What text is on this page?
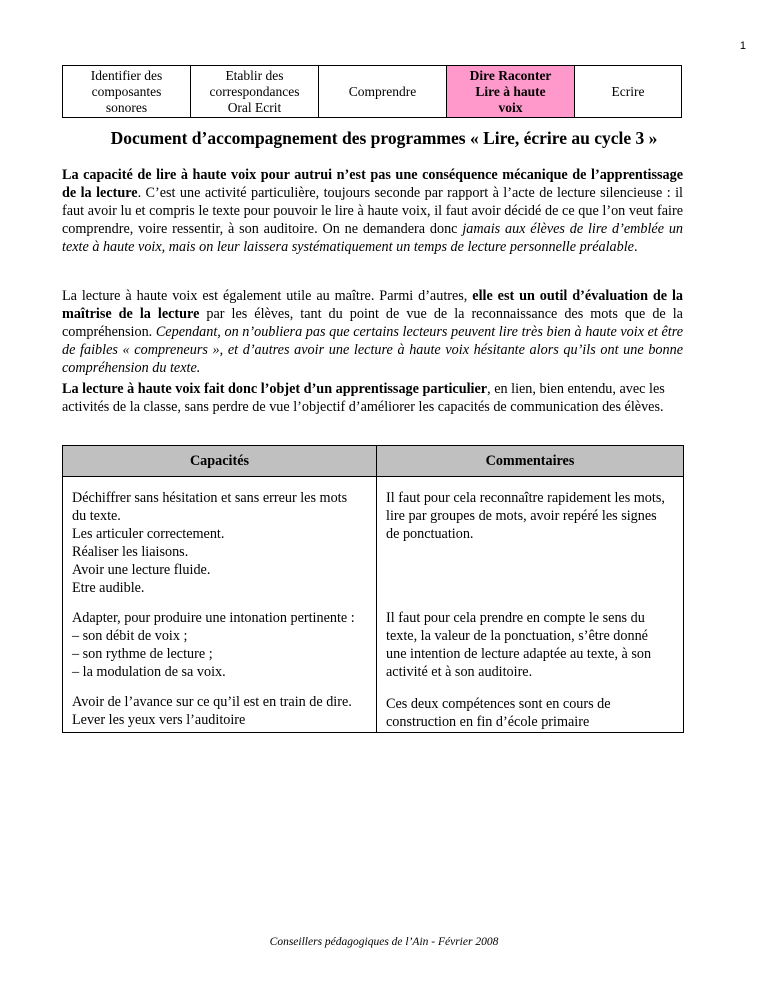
1
Identifier des
composantes
sonores	Etablir des
correspondances
Oral Ecrit	Comprendre	Dire Raconter
Lire à haute
voix	Ecrire
Document d’accompagnement des programmes « Lire, écrire au cycle 3 »

La capacité de lire à haute voix pour autrui n’est pas une conséquence mécanique de l’apprentissage de la lecture. C’est une activité particulière, toujours seconde par rapport à l’acte de lecture silencieuse : il faut avoir lu et compris le texte pour pouvoir le lire à haute voix, il faut avoir décidé de ce que l’on veut faire comprendre, voire ressentir, à son auditoire. On ne demandera donc jamais aux élèves de lire d’emblée un texte à haute voix, mais on leur laissera systématiquement un temps de lecture personnelle préalable.

La lecture à haute voix est également utile au maître. Parmi d’autres, elle est un outil d’évaluation de la maîtrise de la lecture par les élèves, tant du point de vue de la reconnaissance des mots que de la compréhension. Cependant, on n’oubliera pas que certains lecteurs peuvent lire très bien à haute voix et être de faibles « compreneurs », et d’autres avoir une lecture à haute voix hésitante alors qu’ils ont une bonne compréhension du texte.

La lecture à haute voix fait donc l’objet d’un apprentissage particulier, en lien, bien entendu, avec les activités de la classe, sans perdre de vue l’objectif d’améliorer les capacités de communication des élèves.

Capacités	Commentaires

Déchiffrer sans hésitation et sans erreur les mots du texte.
Les articuler correctement.
Réaliser les liaisons.
Avoir une lecture fluide.
Etre audible.	Il faut pour cela reconnaître rapidement les mots, lire par groupes de mots, avoir repéré les signes de ponctuation.

Adapter, pour produire une intonation pertinente :
– son débit de voix ;
– son rythme de lecture ;
– la modulation de sa voix.	Il faut pour cela prendre en compte le sens du texte, la valeur de la ponctuation, s’être donné une intention de lecture adaptée au texte, à son activité et à son auditoire.

Avoir de l’avance sur ce qu’il est en train de dire.
Lever les yeux vers l’auditoire	Ces deux compétences sont en cours de construction en fin d’école primaire
Conseillers pédagogiques de l’Ain - Février 2008
